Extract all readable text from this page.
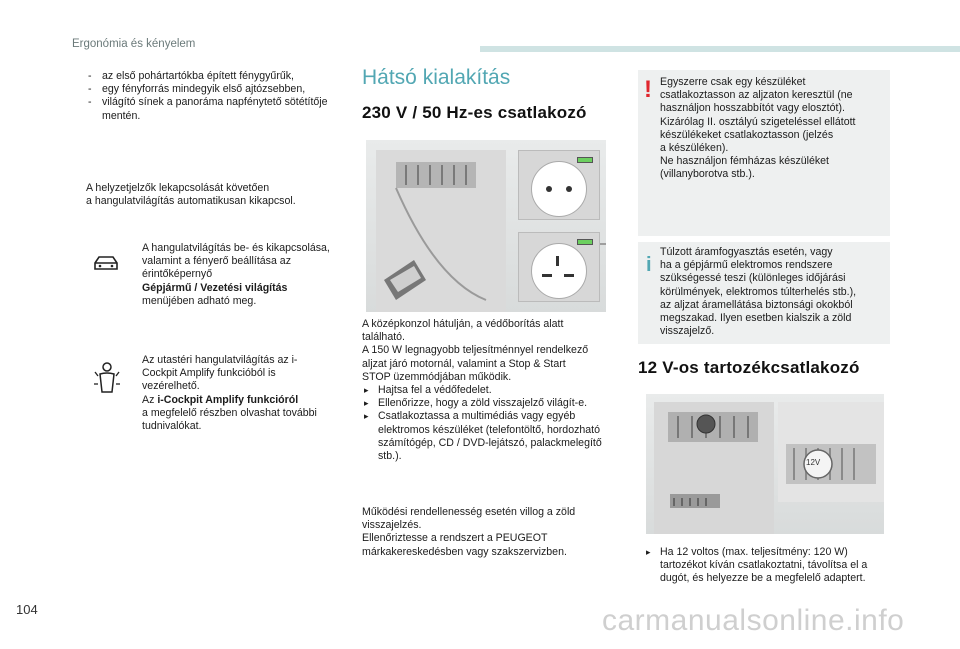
Ergonómia és kényelem
- az első pohártartókba épített fénygyűrűk,
- egy fényforrás mindegyik első ajtózsebben,
- világító sínek a panoráma napfénytető sötétítője mentén.
A helyzetjelzők lekapcsolását követően
a hangulatvilágítás automatikusan kikapcsol.
A hangulatvilágítás be- és kikapcsolása, valamint a fényerő beállítása az érintőképernyő
Gépjármű / Vezetési világítás
menüjében adható meg.
Az utastéri hangulatvilágítás az i-Cockpit Amplify funkcióból is vezérelhető.
Az i-Cockpit Amplify funkcióról
a megfelelő részben olvashat további tudnivalókat.
Hátsó kialakítás
230 V / 50 Hz-es csatlakozó
A középkonzol hátulján, a védőborítás alatt
található.
A 150 W legnagyobb teljesítménnyel rendelkező
aljzat járó motornál, valamint a Stop & Start
STOP üzemmódjában működik.
▸ Hajtsa fel a védőfedelet.
▸ Ellenőrizze, hogy a zöld visszajelző világít-e.
▸ Csatlakoztassa a multimédiás vagy egyéb elektromos készüléket (telefontöltő, hordozható számítógép, CD / DVD-lejátszó, palackmelegítő stb.).
Működési rendellenesség esetén villog a zöld
visszajelzés.
Ellenőriztesse a rendszert a PEUGEOT
márkakereskedésben vagy szakszervizben.
! Egyszerre csak egy készüléket
csatlakoztasson az aljzaton keresztül (ne
használjon hosszabbítót vagy elosztót).
Kizárólag II. osztályú szigeteléssel ellátott
készülékeket csatlakoztasson (jelzés
a készüléken).
Ne használjon fémházas készüléket
(villanyborotva stb.).
i
Túlzott áramfogyasztás esetén, vagy
ha a gépjármű elektromos rendszere
szükségessé teszi (különleges időjárási
körülmények, elektromos túlterhelés stb.),
az aljzat áramellátása biztonsági okokból
megszakad. Ilyen esetben kialszik a zöld
visszajelző.
12 V-os tartozékcsatlakozó
12V
▸ Ha 12 voltos (max. teljesítmény: 120 W) tartozékot kíván csatlakoztatni, távolítsa el a dugót, és helyezze be a megfelelő adaptert.
104	carmanualsonline.info
